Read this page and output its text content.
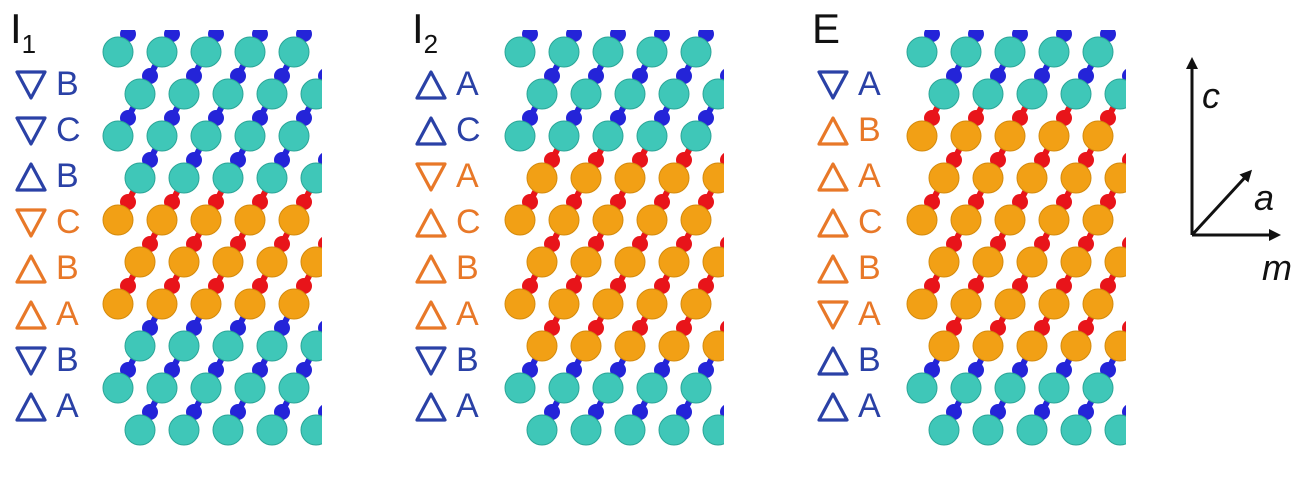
$I_1$	$I_2$	E
B
C
B
C
B
A
B
A
A
C
A
C
B
A
B
A
A
B
A
C
B
A
B
A
c
a
m
